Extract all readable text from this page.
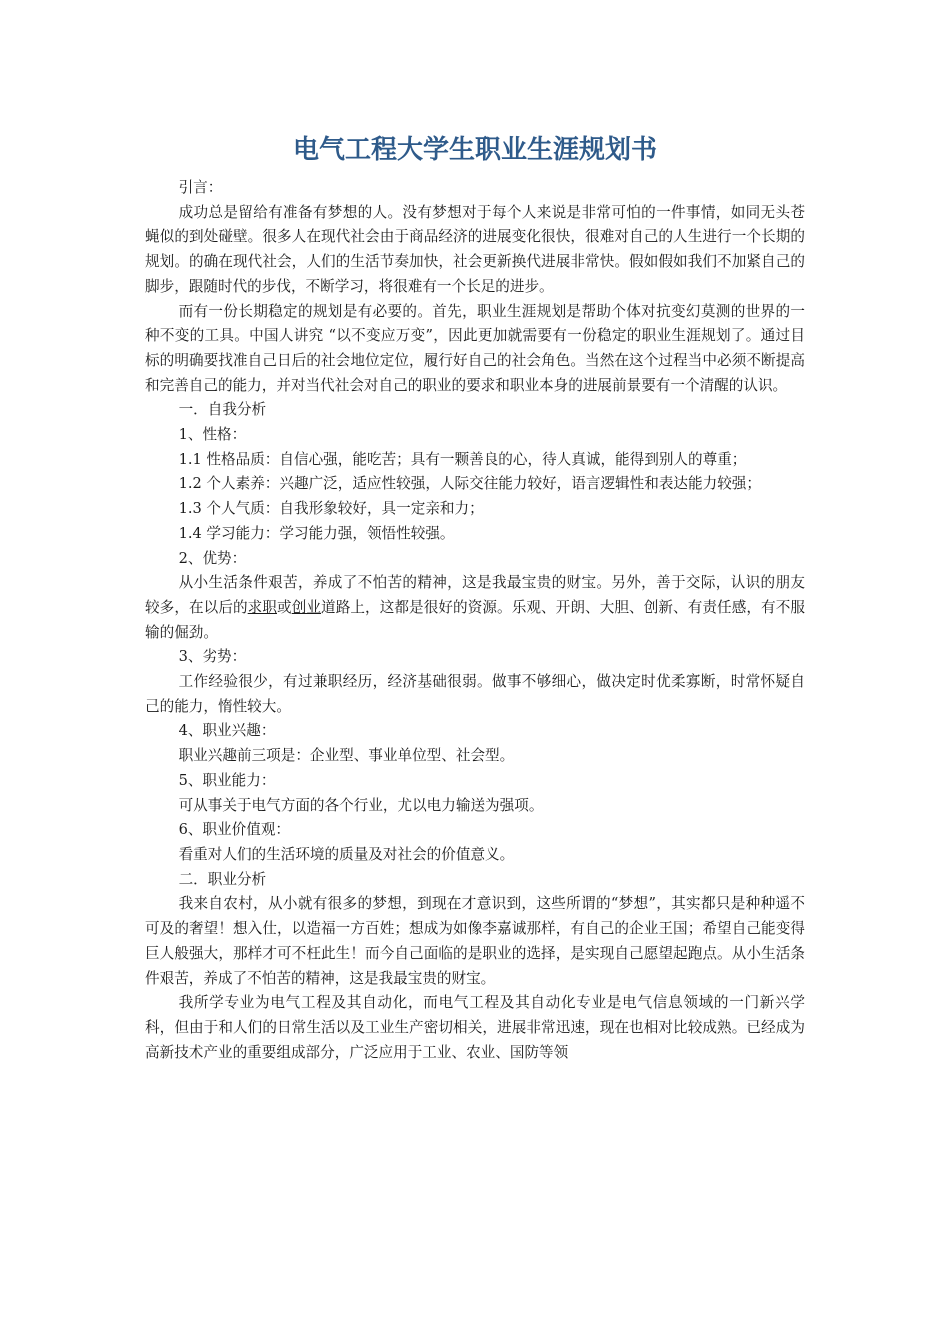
电气工程大学生职业生涯规划书

引言：

成功总是留给有准备有梦想的人。没有梦想对于每个人来说是非常可怕的一件事情，如同无头苍蝇似的到处碰壁。很多人在现代社会由于商品经济的进展变化很快，很难对自己的人生进行一个长期的规划。的确在现代社会，人们的生活节奏加快，社会更新换代进展非常快。假如假如我们不加紧自己的脚步，跟随时代的步伐，不断学习，将很难有一个长足的进步。

而有一份长期稳定的规划是有必要的。首先，职业生涯规划是帮助个体对抗变幻莫测的世界的一种不变的工具。中国人讲究 “以不变应万变”，因此更加就需要有一份稳定的职业生涯规划了。通过目标的明确要找准自己日后的社会地位定位，履行好自己的社会角色。当然在这个过程当中必须不断提高和完善自己的能力，并对当代社会对自己的职业的要求和职业本身的进展前景要有一个清醒的认识。

一．自我分析

1、性格：

1.1 性格品质：自信心强，能吃苦；具有一颗善良的心，待人真诚，能得到别人的尊重；

1.2 个人素养：兴趣广泛，适应性较强，人际交往能力较好，语言逻辑性和表达能力较强；

1.3 个人气质：自我形象较好，具一定亲和力；

1.4 学习能力：学习能力强，领悟性较强。

2、优势：

从小生活条件艰苦，养成了不怕苦的精神，这是我最宝贵的财宝。另外，善于交际，认识的朋友较多，在以后的求职或创业道路上，这都是很好的资源。乐观、开朗、大胆、创新、有责任感，有不服输的倔劲。

3、劣势：

工作经验很少，有过兼职经历，经济基础很弱。做事不够细心，做决定时优柔寡断，时常怀疑自己的能力，惰性较大。

4、职业兴趣：

职业兴趣前三项是：企业型、事业单位型、社会型。

5、职业能力：

可从事关于电气方面的各个行业，尤以电力输送为强项。

6、职业价值观：

看重对人们的生活环境的质量及对社会的价值意义。

二．职业分析

我来自农村，从小就有很多的梦想，到现在才意识到，这些所谓的“梦想”，其实都只是种种遥不可及的奢望！想入仕，以造福一方百姓；想成为如像李嘉诚那样，有自己的企业王国；希望自己能变得巨人般强大，那样才可不枉此生！而今自己面临的是职业的选择，是实现自己愿望起跑点。从小生活条件艰苦，养成了不怕苦的精神，这是我最宝贵的财宝。

我所学专业为电气工程及其自动化，而电气工程及其自动化专业是电气信息领域的一门新兴学科，但由于和人们的日常生活以及工业生产密切相关，进展非常迅速，现在也相对比较成熟。已经成为高新技术产业的重要组成部分，广泛应用于工业、农业、国防等领
